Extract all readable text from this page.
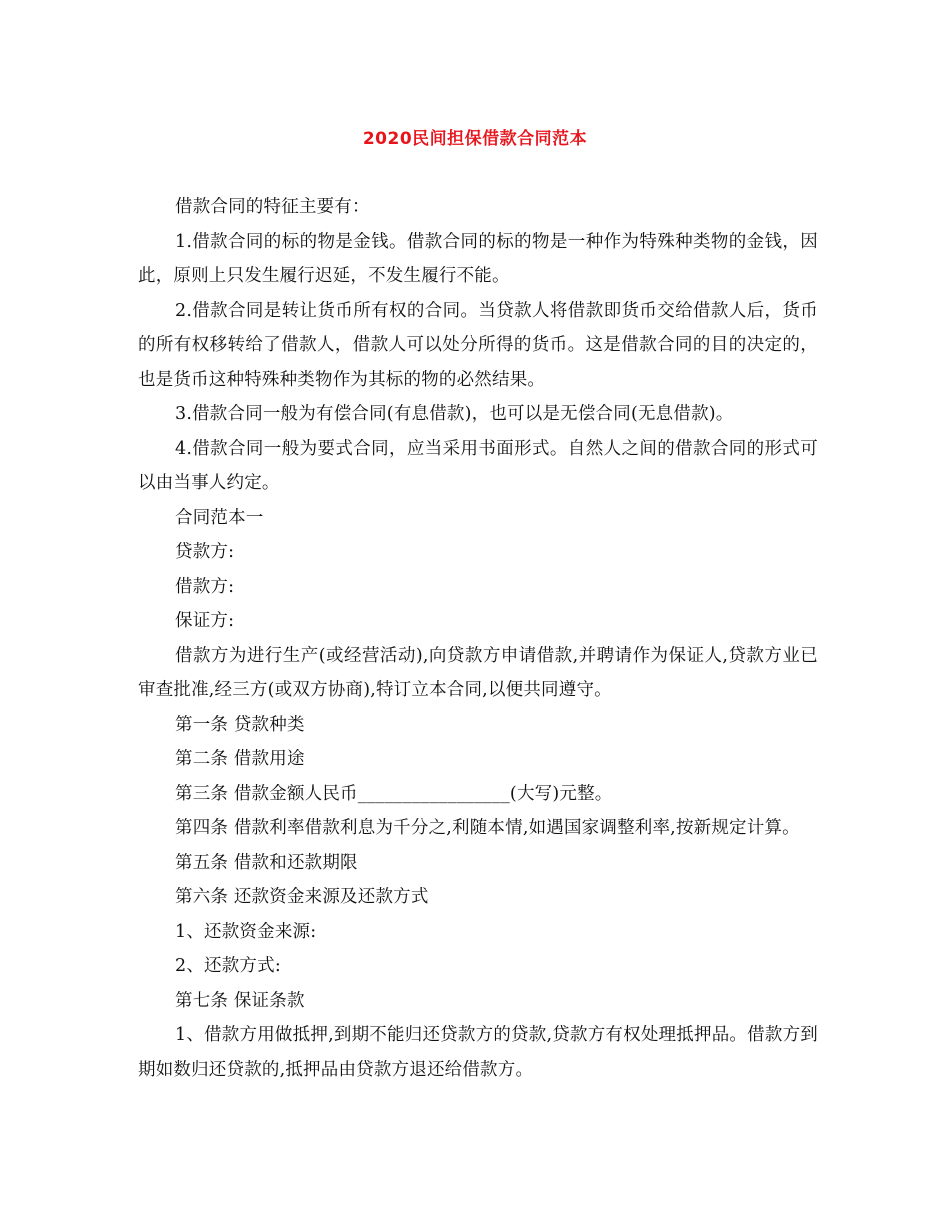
2020民间担保借款合同范本

借款合同的特征主要有：

1.借款合同的标的物是金钱。借款合同的标的物是一种作为特殊种类物的金钱，因此，原则上只发生履行迟延，不发生履行不能。

2.借款合同是转让货币所有权的合同。当贷款人将借款即货币交给借款人后，货币的所有权移转给了借款人，借款人可以处分所得的货币。这是借款合同的目的决定的，也是货币这种特殊种类物作为其标的物的必然结果。

3.借款合同一般为有偿合同(有息借款)，也可以是无偿合同(无息借款)。

4.借款合同一般为要式合同，应当采用书面形式。自然人之间的借款合同的形式可以由当事人约定。

合同范本一

贷款方:

借款方:

保证方:

借款方为进行生产(或经营活动),向贷款方申请借款,并聘请作为保证人,贷款方业已审查批准,经三方(或双方协商),特订立本合同,以便共同遵守。

第一条 贷款种类

第二条 借款用途

第三条 借款金额人民币_________________(大写)元整。

第四条 借款利率借款利息为千分之,利随本情,如遇国家调整利率,按新规定计算。

第五条 借款和还款期限

第六条 还款资金来源及还款方式

1、还款资金来源:

2、还款方式:

第七条 保证条款

1、借款方用做抵押,到期不能归还贷款方的贷款,贷款方有权处理抵押品。借款方到期如数归还贷款的,抵押品由贷款方退还给借款方。
